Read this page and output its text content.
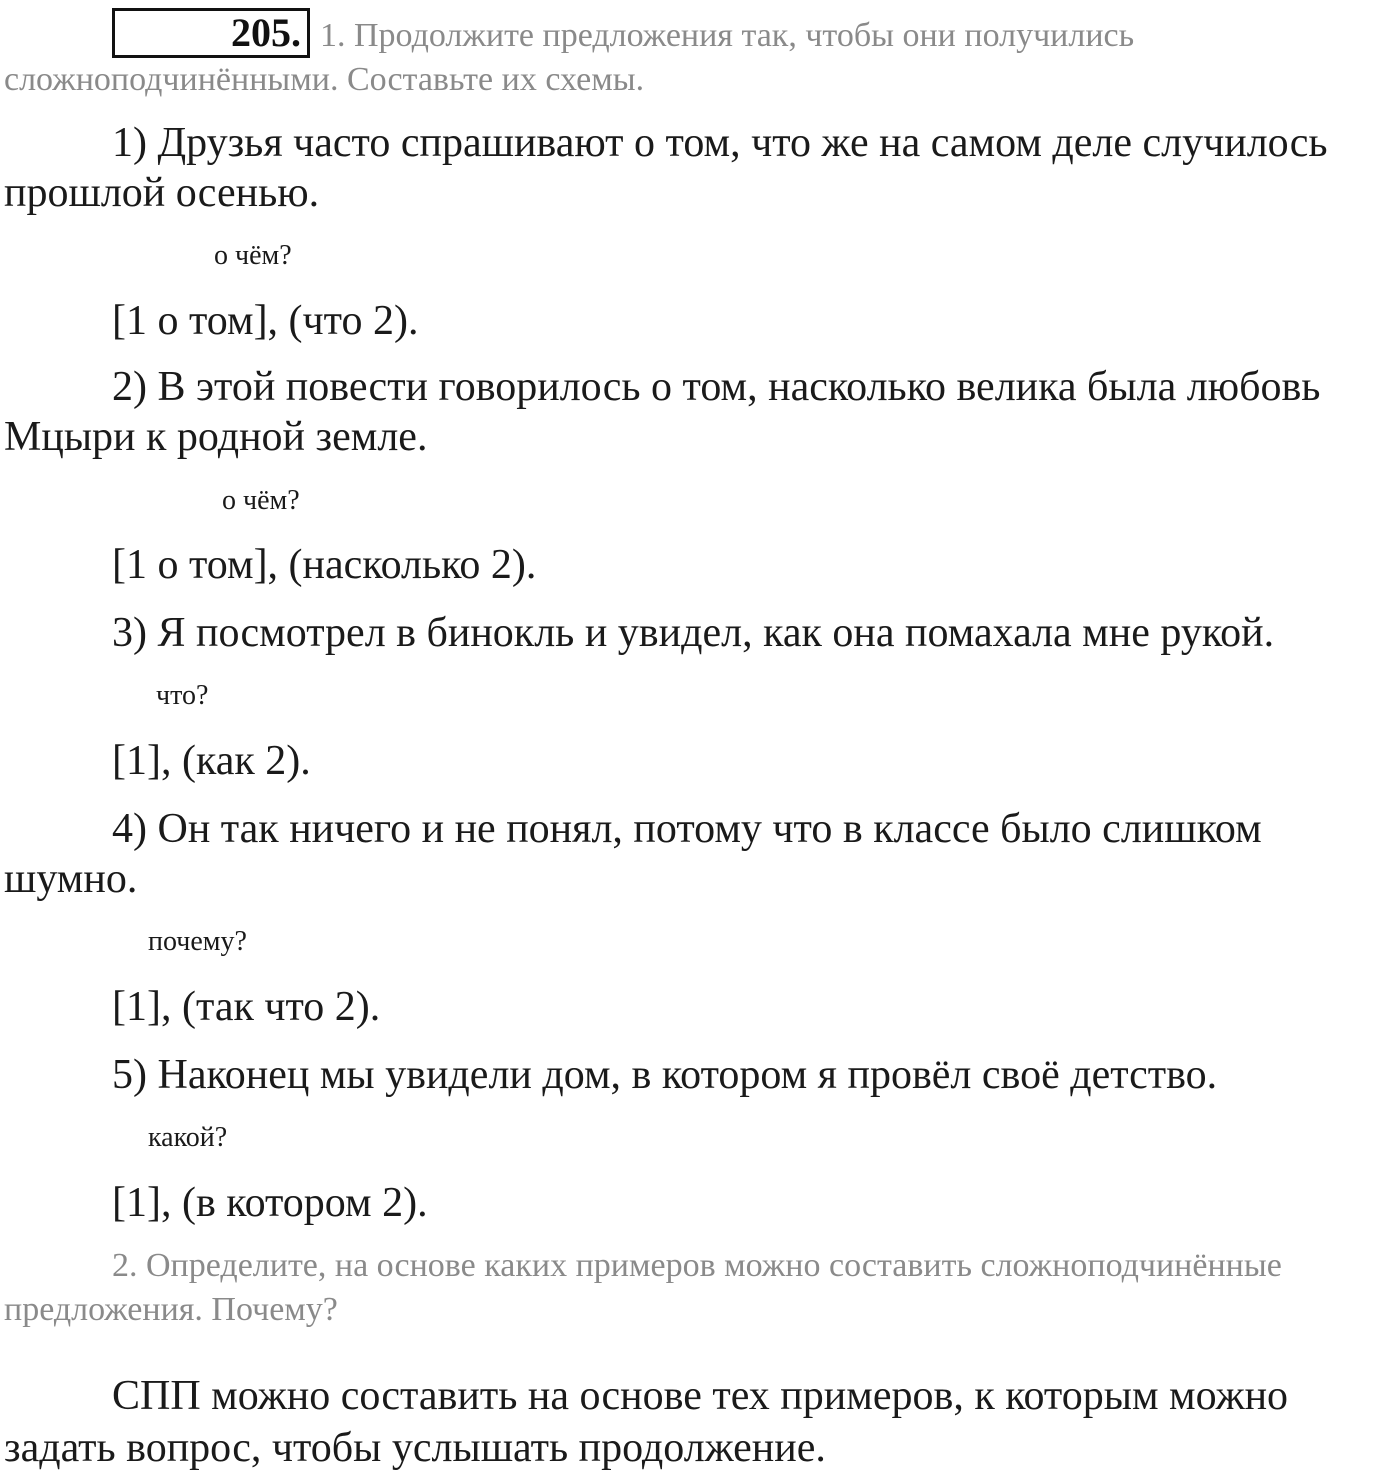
205. 1. Продолжите предложения так, чтобы они получились сложноподчинёнными. Составьте их схемы.

1) Друзья часто спрашивают о том, что же на самом деле случилось прошлой осенью.

о чём?

[1 о том], (что 2).

2) В этой повести говорилось о том, насколько велика была любовь Мцыри к родной земле.

о чём?

[1 о том], (насколько 2).

3) Я посмотрел в бинокль и увидел, как она помахала мне рукой.

что?

[1], (как 2).

4) Он так ничего и не понял, потому что в классе было слишком шумно.

почему?

[1], (так что 2).

5) Наконец мы увидели дом, в котором я провёл своё детство.

какой?

[1], (в котором 2).

2. Определите, на основе каких примеров можно составить сложноподчинённые предложения. Почему?

СПП можно составить на основе тех примеров, к которым можно задать вопрос, чтобы услышать продолжение.
